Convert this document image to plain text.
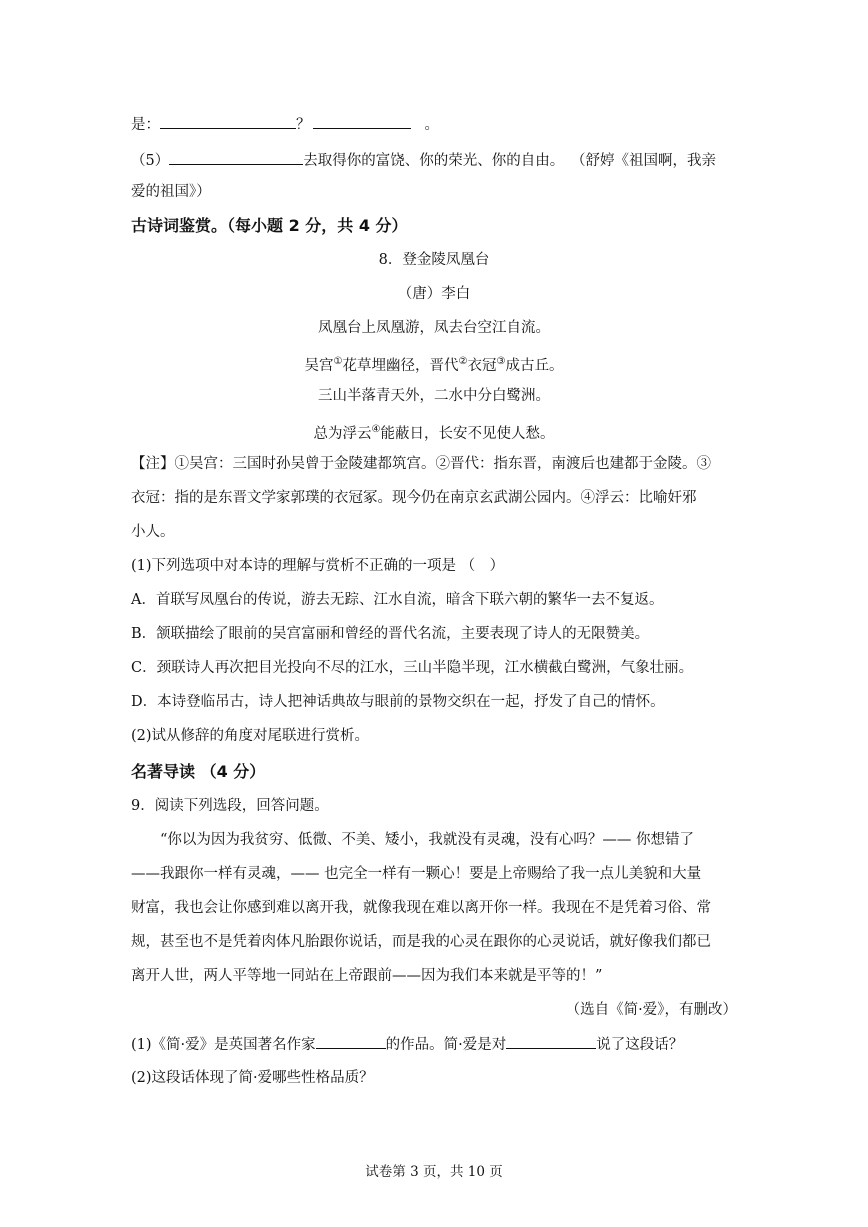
是：	？	。
（5）	去取得你的富饶、你的荣光、你的自由。 （舒婷《祖国啊，我亲
爱的祖国》）
古诗词鉴赏。（每小题 2 分，共 4 分）
8．登金陵凤凰台
（唐）李白
凤凰台上凤凰游，凤去台空江自流。
吴宫①花草埋幽径，晋代②衣冠③成古丘。
三山半落青天外，二水中分白鹭洲。
总为浮云④能蔽日，长安不见使人愁。
【注】①吴宫：三国时孙吴曾于金陵建都筑宫。②晋代：指东晋，南渡后也建都于金陵。③
衣冠：指的是东晋文学家郭璞的衣冠冢。现今仍在南京玄武湖公园内。④浮云：比喻奸邪
小人。
(1)下列选项中对本诗的理解与赏析不正确的一项是 （　）
A．首联写凤凰台的传说，游去无踪、江水自流，暗含下联六朝的繁华一去不复返。
B．颔联描绘了眼前的吴宫富丽和曾经的晋代名流，主要表现了诗人的无限赞美。
C．颈联诗人再次把目光投向不尽的江水，三山半隐半现，江水横截白鹭洲，气象壮丽。
D．本诗登临吊古，诗人把神话典故与眼前的景物交织在一起，抒发了自己的情怀。
(2)试从修辞的角度对尾联进行赏析。
名著导读 （4 分）
9．阅读下列选段，回答问题。
“你以为因为我贫穷、低微、不美、矮小，我就没有灵魂，没有心吗？—— 你想错了
——我跟你一样有灵魂，—— 也完全一样有一颗心！要是上帝赐给了我一点儿美貌和大量
财富，我也会让你感到难以离开我，就像我现在难以离开你一样。我现在不是凭着习俗、常
规，甚至也不是凭着肉体凡胎跟你说话，而是我的心灵在跟你的心灵说话，就好像我们都已
离开人世，两人平等地一同站在上帝跟前——因为我们本来就是平等的！”
（选自《简·爱》，有删改）
(1)《简·爱》是英国著名作家	的作品。简·爱是对	说了这段话？
(2)这段话体现了简·爱哪些性格品质？
试卷第 3 页，共 10 页
